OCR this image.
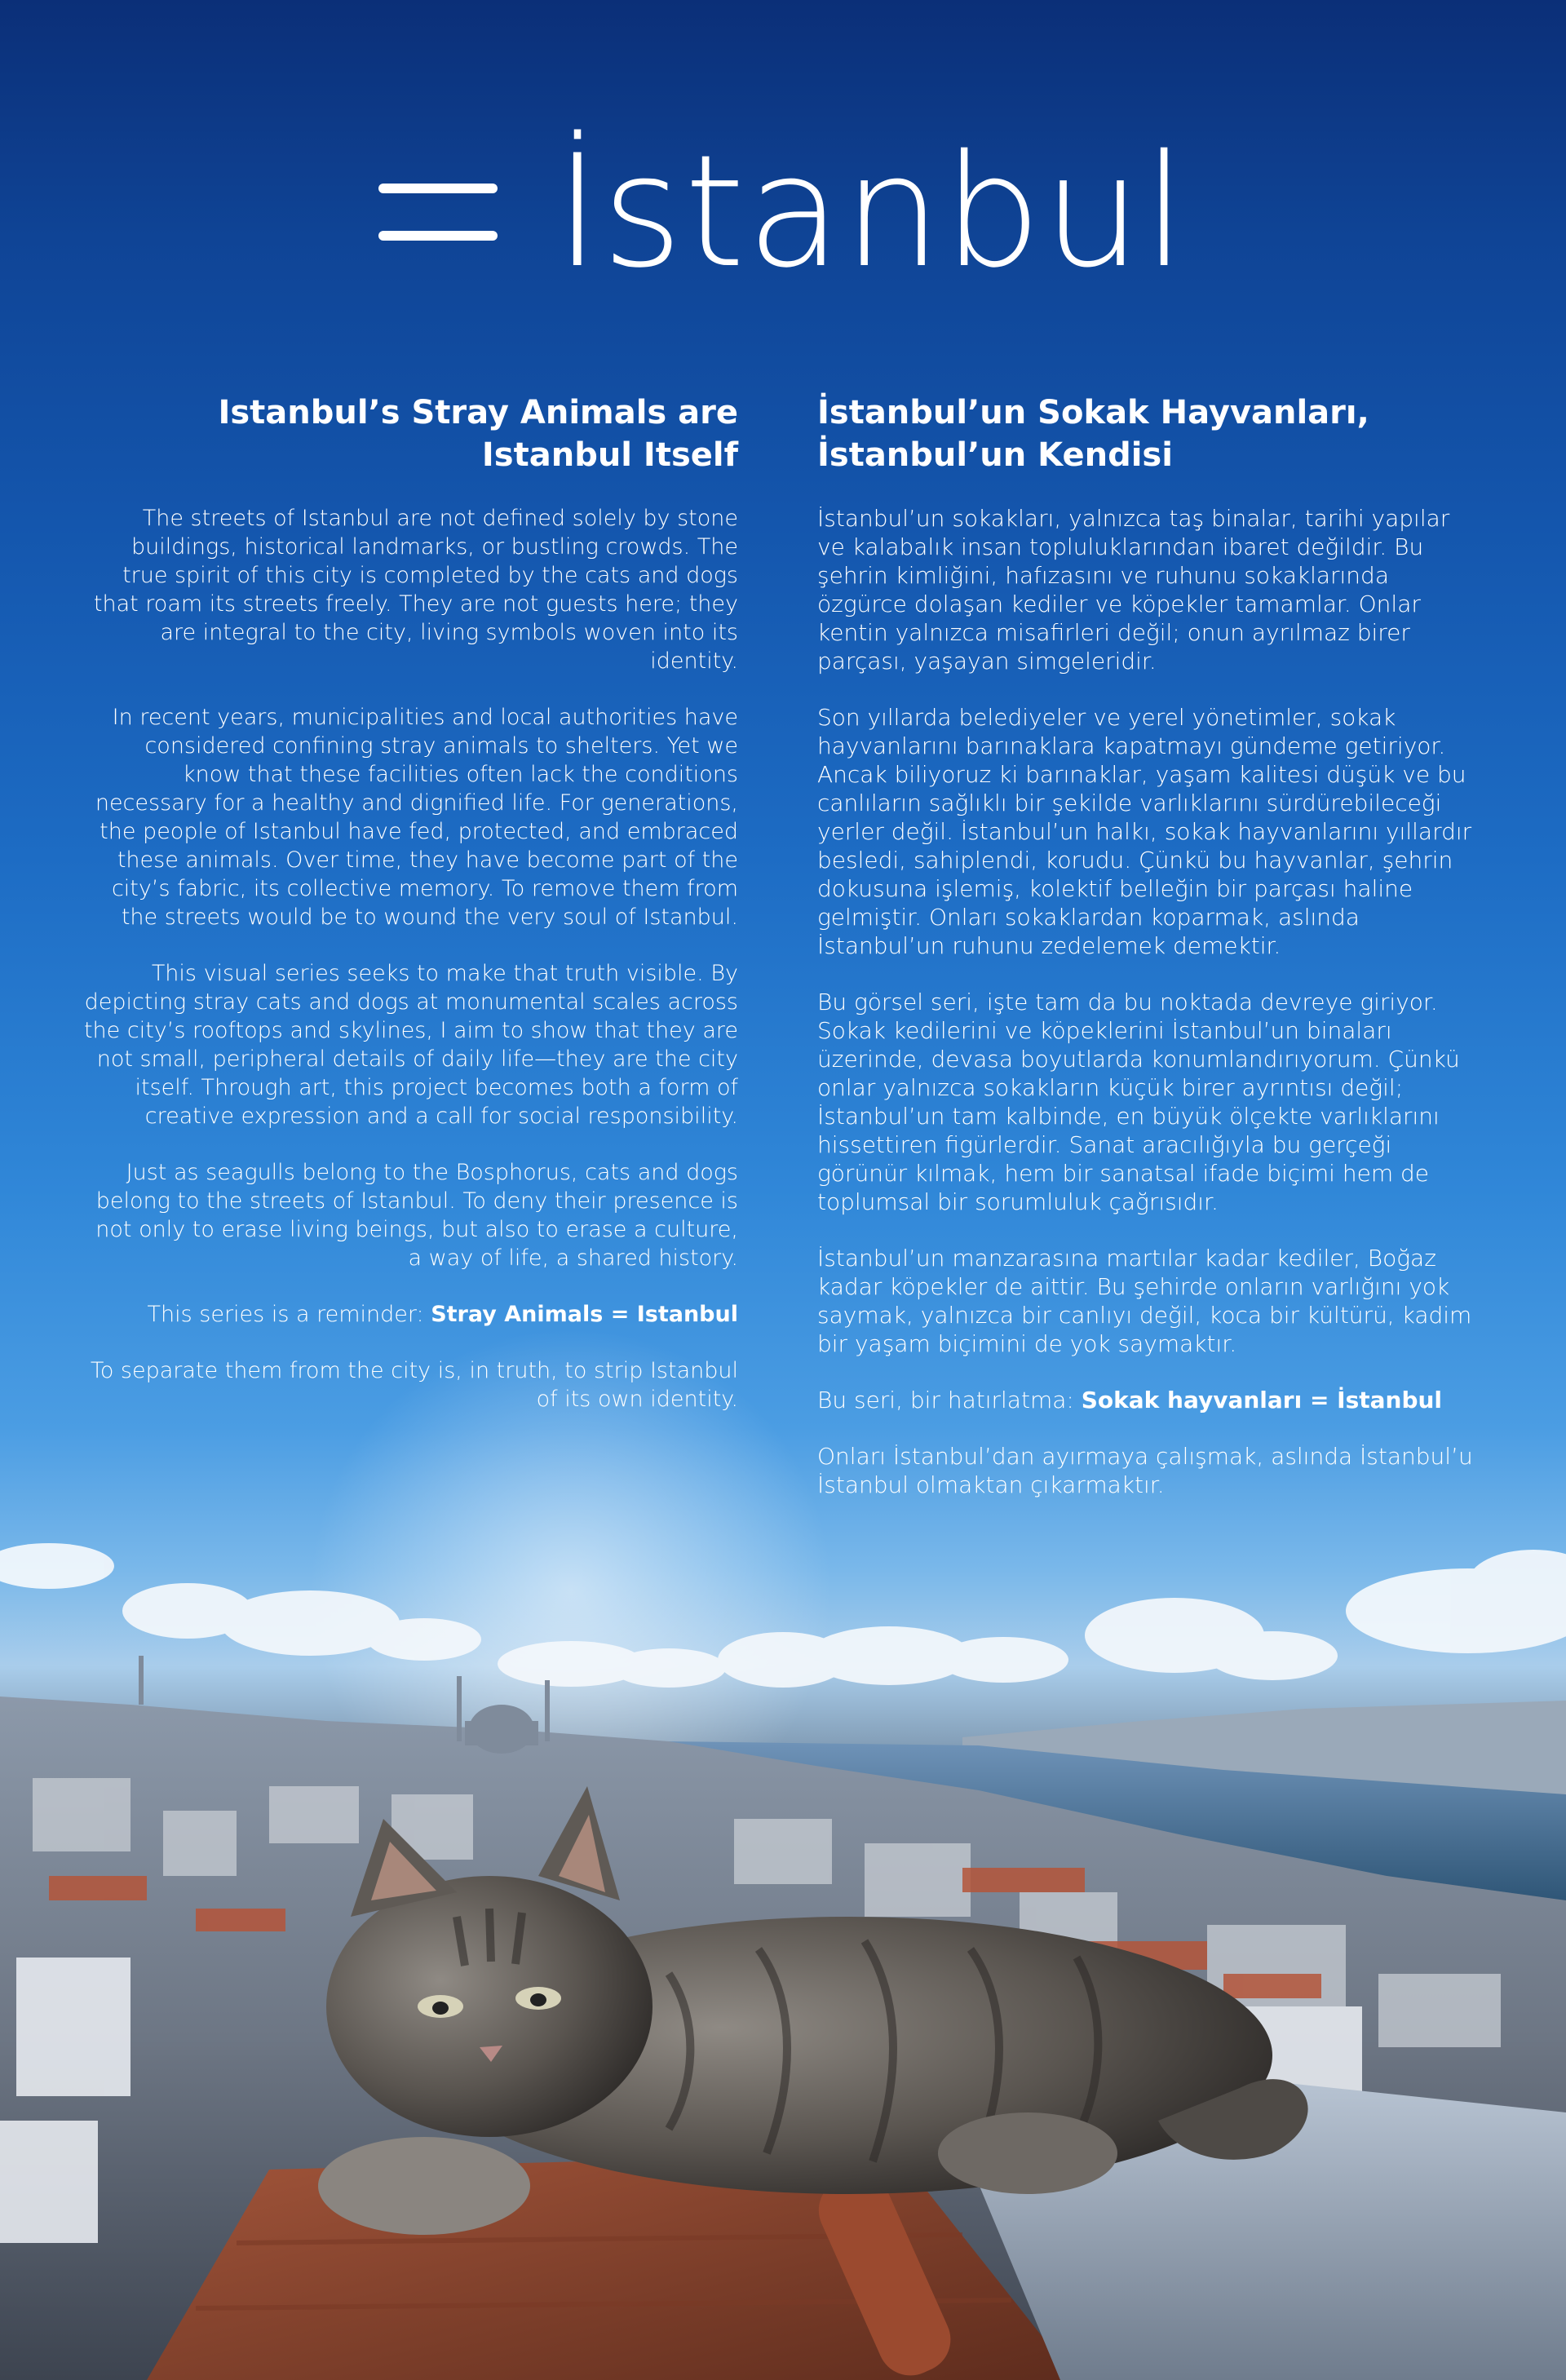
İstanbul
Istanbul’s Stray Animals are
Istanbul Itself

The streets of Istanbul are not defined solely by stone buildings, historical landmarks, or bustling crowds. The true spirit of this city is completed by the cats and dogs that roam its streets freely. They are not guests here; they are integral to the city, living symbols woven into its identity.

In recent years, municipalities and local authorities have considered confining stray animals to shelters. Yet we know that these facilities often lack the conditions necessary for a healthy and dignified life. For generations, the people of Istanbul have fed, protected, and embraced these animals. Over time, they have become part of the city’s fabric, its collective memory. To remove them from the streets would be to wound the very soul of Istanbul.

This visual series seeks to make that truth visible. By depicting stray cats and dogs at monumental scales across the city’s rooftops and skylines, I aim to show that they are not small, peripheral details of daily life—they are the city itself. Through art, this project becomes both a form of creative expression and a call for social responsibility.

Just as seagulls belong to the Bosphorus, cats and dogs belong to the streets of Istanbul. To deny their presence is not only to erase living beings, but also to erase a culture, a way of life, a shared history.

This series is a reminder: Stray Animals = Istanbul

To separate them from the city is, in truth, to strip Istanbul of its own identity.

İstanbul’un Sokak Hayvanları,
İstanbul’un Kendisi

İstanbul’un sokakları, yalnızca taş binalar, tarihi yapılar ve kalabalık insan topluluklarından ibaret değildir. Bu şehrin kimliğini, hafızasını ve ruhunu sokaklarında özgürce dolaşan kediler ve köpekler tamamlar. Onlar kentin yalnızca misafirleri değil; onun ayrılmaz birer parçası, yaşayan simgeleridir.

Son yıllarda belediyeler ve yerel yönetimler, sokak hayvanlarını barınaklara kapatmayı gündeme getiriyor. Ancak biliyoruz ki barınaklar, yaşam kalitesi düşük ve bu canlıların sağlıklı bir şekilde varlıklarını sürdürebileceği yerler değil. İstanbul’un halkı, sokak hayvanlarını yıllardır besledi, sahiplendi, korudu. Çünkü bu hayvanlar, şehrin dokusuna işlemiş, kolektif belleğin bir parçası haline gelmiştir. Onları sokaklardan koparmak, aslında İstanbul’un ruhunu zedelemek demektir.

Bu görsel seri, işte tam da bu noktada devreye giriyor. Sokak kedilerini ve köpeklerini İstanbul’un binaları üzerinde, devasa boyutlarda konumlandırıyorum. Çünkü onlar yalnızca sokakların küçük birer ayrıntısı değil; İstanbul’un tam kalbinde, en büyük ölçekte varlıklarını hissettiren figürlerdir. Sanat aracılığıyla bu gerçeği görünür kılmak, hem bir sanatsal ifade biçimi hem de toplumsal bir sorumluluk çağrısıdır.

İstanbul’un manzarasına martılar kadar kediler, Boğaz kadar köpekler de aittir. Bu şehirde onların varlığını yok saymak, yalnızca bir canlıyı değil, koca bir kültürü, kadim bir yaşam biçimini de yok saymaktır.

Bu seri, bir hatırlatma: Sokak hayvanları = İstanbul

Onları İstanbul’dan ayırmaya çalışmak, aslında İstanbul’u İstanbul olmaktan çıkarmaktır.
